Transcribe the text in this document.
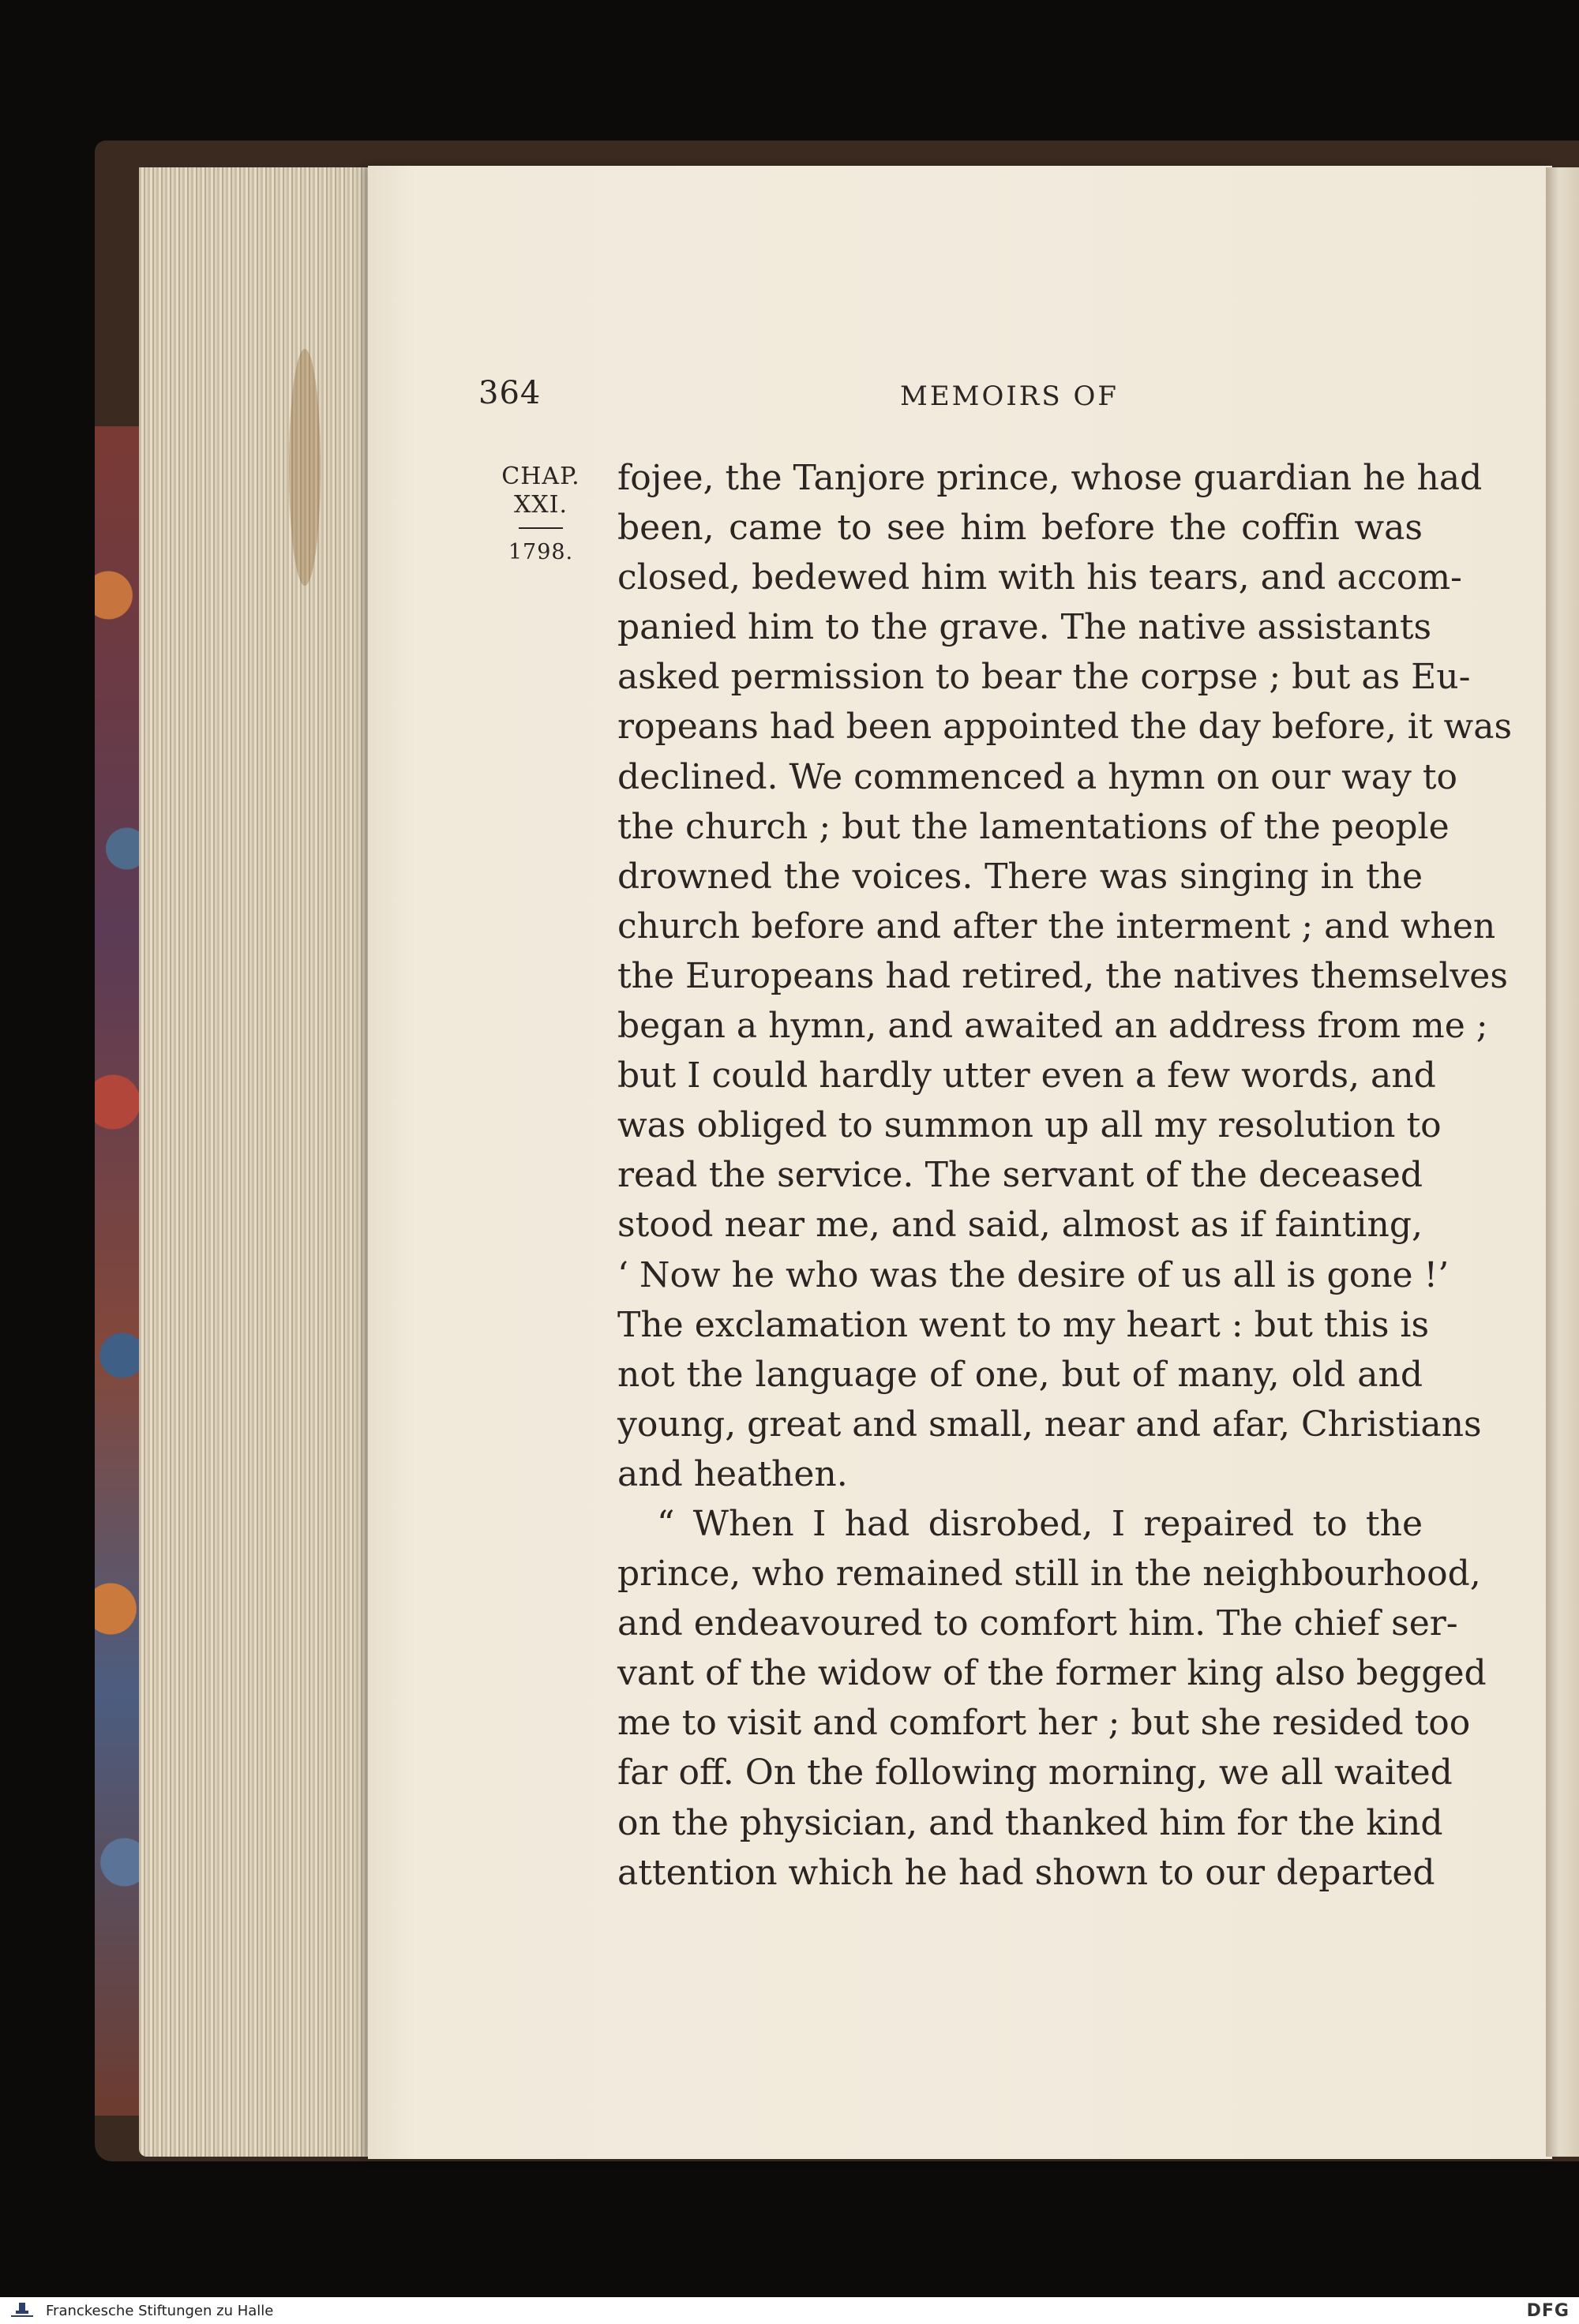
364	MEMOIRS OF
CHAP.
XXI.
1798.
fojee, the Tanjore prince, whose guardian he had
been, came to see him before the coffin was
closed, bedewed him with his tears, and accom-
panied him to the grave. The native assistants
asked permission to bear the corpse ; but as Eu-
ropeans had been appointed the day before, it was
declined. We commenced a hymn on our way to
the church ; but the lamentations of the people
drowned the voices. There was singing in the
church before and after the interment ; and when
the Europeans had retired, the natives themselves
began a hymn, and awaited an address from me ;
but I could hardly utter even a few words, and
was obliged to summon up all my resolution to
read the service. The servant of the deceased
stood near me, and said, almost as if fainting,
‘ Now he who was the desire of us all is gone !’
The exclamation went to my heart : but this is
not the language of one, but of many, old and
young, great and small, near and afar, Christians
and heathen.
“ When I had disrobed, I repaired to the
prince, who remained still in the neighbourhood,
and endeavoured to comfort him. The chief ser-
vant of the widow of the former king also begged
me to visit and comfort her ; but she resided too
far off. On the following morning, we all waited
on the physician, and thanked him for the kind
attention which he had shown to our departed
Franckesche Stiftungen zu Halle	DFG
